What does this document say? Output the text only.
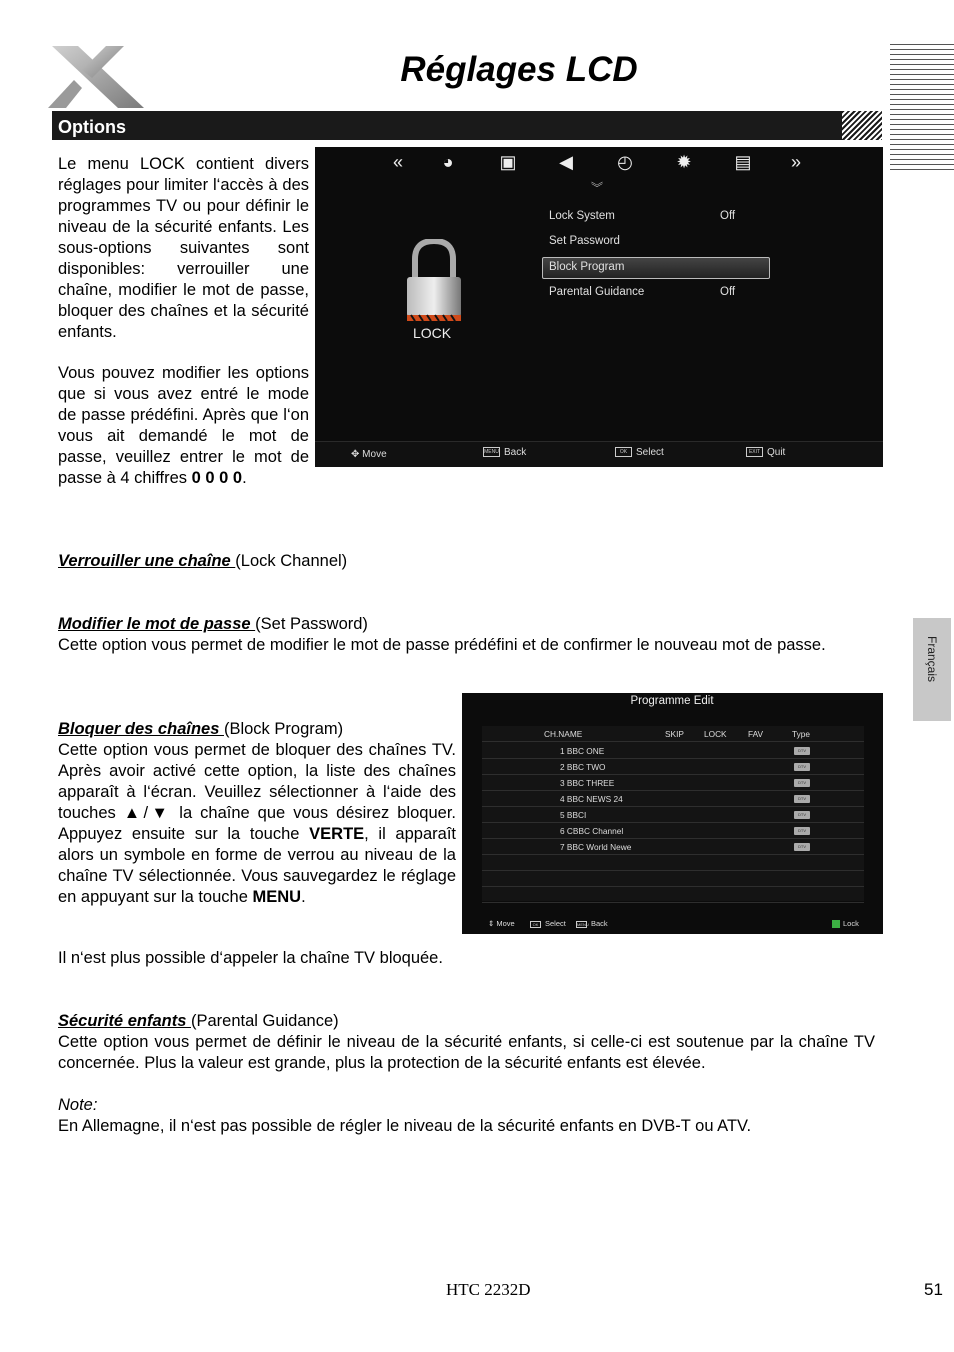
Réglages LCD
Options
Le menu LOCK contient divers réglages pour limiter l‘accès à des programmes TV ou pour définir le niveau de la sécurité enfants. Les sous-options suivantes sont disponibles: verrouiller une chaîne, modifier le mot de passe, bloquer des chaînes et la sécurité enfants.
Vous pouvez modifier les options que si vous avez entré le mode de passe prédéfini. Après que l‘on vous ait demandé le mot de passe, veuillez entrer le mot de passe à 4 chiffres 0 0 0 0.
«	◕	▣	◀	◴	✹	▤	»
︾
LOCK
Lock System	Off
Set Password
Block Program
Parental Guidance	Off
✥ Move	MENU Back	OK Select	EXIT Quit
Verrouiller une chaîne (Lock Channel)
Modifier le mot de passe (Set Password)
Cette option vous permet de modifier le mot de passe prédéfini et de confirmer le nouveau mot de passe.
Bloquer des chaînes (Block Program)
Cette option vous permet de bloquer des chaînes TV. Après avoir activé cette option, la liste des chaînes apparaît à l‘écran. Veuillez sélectionner à l‘aide des touches ▲/▼ la chaîne que vous désirez bloquer. Appuyez ensuite sur la touche VERTE, il apparaît alors un symbole en forme de verrou au niveau de la chaîne TV sélectionnée. Vous sauvegardez le réglage en appuyant sur la touche MENU.
Il n‘est plus possible d‘appeler la chaîne TV bloquée.
Programme Edit
CH.NAME	SKIP LOCK	FAV	Type
1 BBC ONE	DTV
2 BBC TWO	DTV
3 BBC THREE	DTV
4 BBC NEWS 24	DTV
5 BBCI	DTV
6 CBBC Channel	DTV
7 BBC World Newe	DTV
⇕ Move	OK Select	MENU Back	Lock
Sécurité enfants (Parental Guidance)
Cette option vous permet de définir le niveau de la sécurité enfants, si celle-ci est soutenue par la chaîne TV concernée. Plus la valeur est grande, plus la protection de la sécurité enfants est élevée.
Note:
En Allemagne, il n‘est pas possible de régler le niveau de la sécurité enfants en DVB-T ou ATV.
Français
HTC 2232D	51
